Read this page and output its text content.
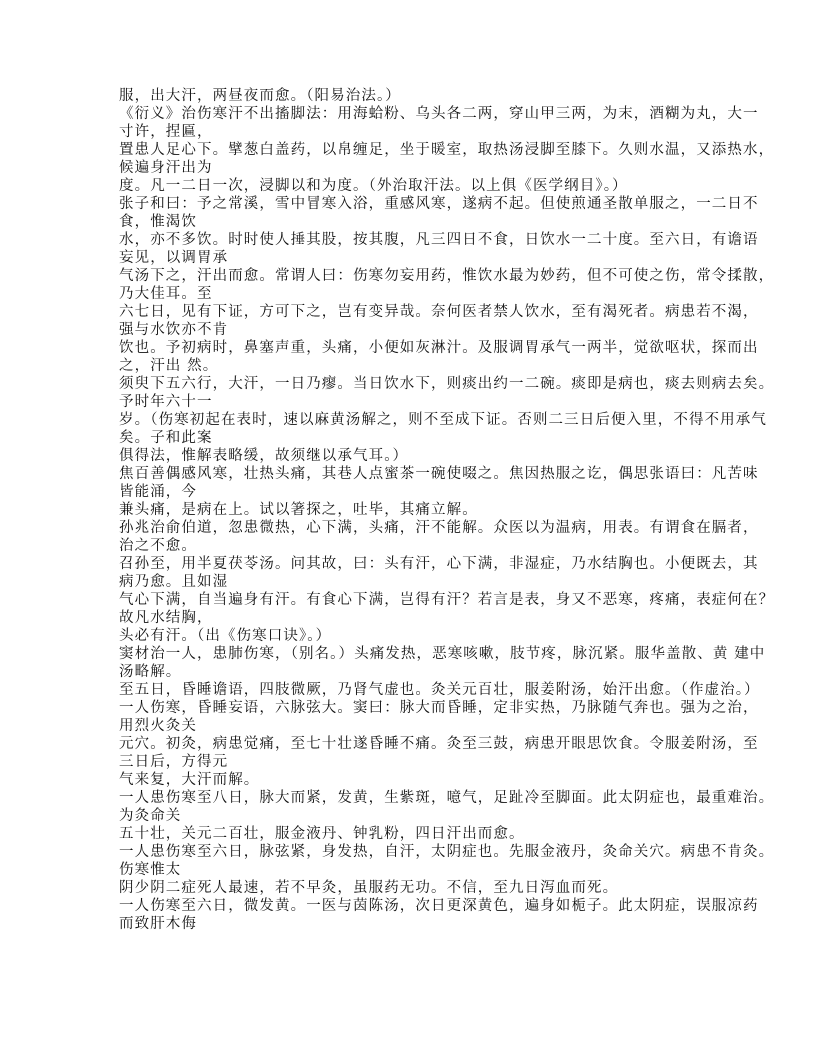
服，出大汗，两昼夜而愈。（阳易治法。）
《衍义》治伤寒汗不出搐脚法：用海蛤粉、乌头各二两，穿山甲三两，为末，酒糊为丸，大一
寸许，捏匾，
置患人足心下。擘葱白盖药，以帛缠足，坐于暖室，取热汤浸脚至膝下。久则水温，又添热水，
候遍身汗出为
度。凡一二日一次，浸脚以和为度。（外治取汗法。以上俱《医学纲目》。）
张子和曰：予之常溪，雪中冒寒入浴，重感风寒，遂病不起。但使煎通圣散单服之，一二日不
食，惟渴饮
水，亦不多饮。时时使人捶其股，按其腹，凡三四日不食，日饮水一二十度。至六日，有谵语
妄见，以调胃承
气汤下之，汗出而愈。常谓人曰：伤寒勿妄用药，惟饮水最为妙药，但不可使之伤，常令揉散，
乃大佳耳。至
六七日，见有下证，方可下之，岂有变异哉。奈何医者禁人饮水，至有渴死者。病患若不渴，
强与水饮亦不肯
饮也。予初病时，鼻塞声重，头痛，小便如灰淋汁。及服调胃承气一两半，觉欲呕状，探而出
之，汗出 然。
须臾下五六行，大汗，一日乃瘳。当日饮水下，则痰出约一二碗。痰即是病也，痰去则病去矣。
予时年六十一
岁。（伤寒初起在表时，速以麻黄汤解之，则不至成下证。否则二三日后便入里，不得不用承气
矣。子和此案
俱得法，惟解表略缓，故须继以承气耳。）
焦百善偶感风寒，壮热头痛，其巷人点蜜茶一碗使啜之。焦因热服之讫，偶思张语曰：凡苦味
皆能涌，今
兼头痛，是病在上。试以箸探之，吐毕，其痛立解。
孙兆治俞伯道，忽患微热，心下满，头痛，汗不能解。众医以为温病，用表。有谓食在膈者，
治之不愈。
召孙至，用半夏茯苓汤。问其故，曰：头有汗，心下满，非湿症，乃水结胸也。小便既去，其
病乃愈。且如湿
气心下满，自当遍身有汗。有食心下满，岂得有汗？若言是表，身又不恶寒，疼痛，表症何在？
故凡水结胸，
头必有汗。（出《伤寒口诀》。）
窦材治一人，患肺伤寒，（别名。）头痛发热，恶寒咳嗽，肢节疼，脉沉紧。服华盖散、黄 建中
汤略解。
至五日，昏睡谵语，四肢微厥，乃肾气虚也。灸关元百壮，服姜附汤，始汗出愈。（作虚治。）
一人伤寒，昏睡妄语，六脉弦大。窦曰：脉大而昏睡，定非实热，乃脉随气奔也。强为之治，
用烈火灸关
元穴。初灸，病患觉痛，至七十壮遂昏睡不痛。灸至三鼓，病患开眼思饮食。令服姜附汤，至
三日后，方得元
气来复，大汗而解。
一人患伤寒至八日，脉大而紧，发黄，生紫斑，噫气，足趾冷至脚面。此太阴症也，最重难治。
为灸命关
五十壮，关元二百壮，服金液丹、钟乳粉，四日汗出而愈。
一人患伤寒至六日，脉弦紧，身发热，自汗，太阴症也。先服金液丹，灸命关穴。病患不肯灸。
伤寒惟太
阴少阴二症死人最速，若不早灸，虽服药无功。不信，至九日泻血而死。
一人伤寒至六日，微发黄。一医与茵陈汤，次日更深黄色，遍身如栀子。此太阴症，误服凉药
而致肝木侮
